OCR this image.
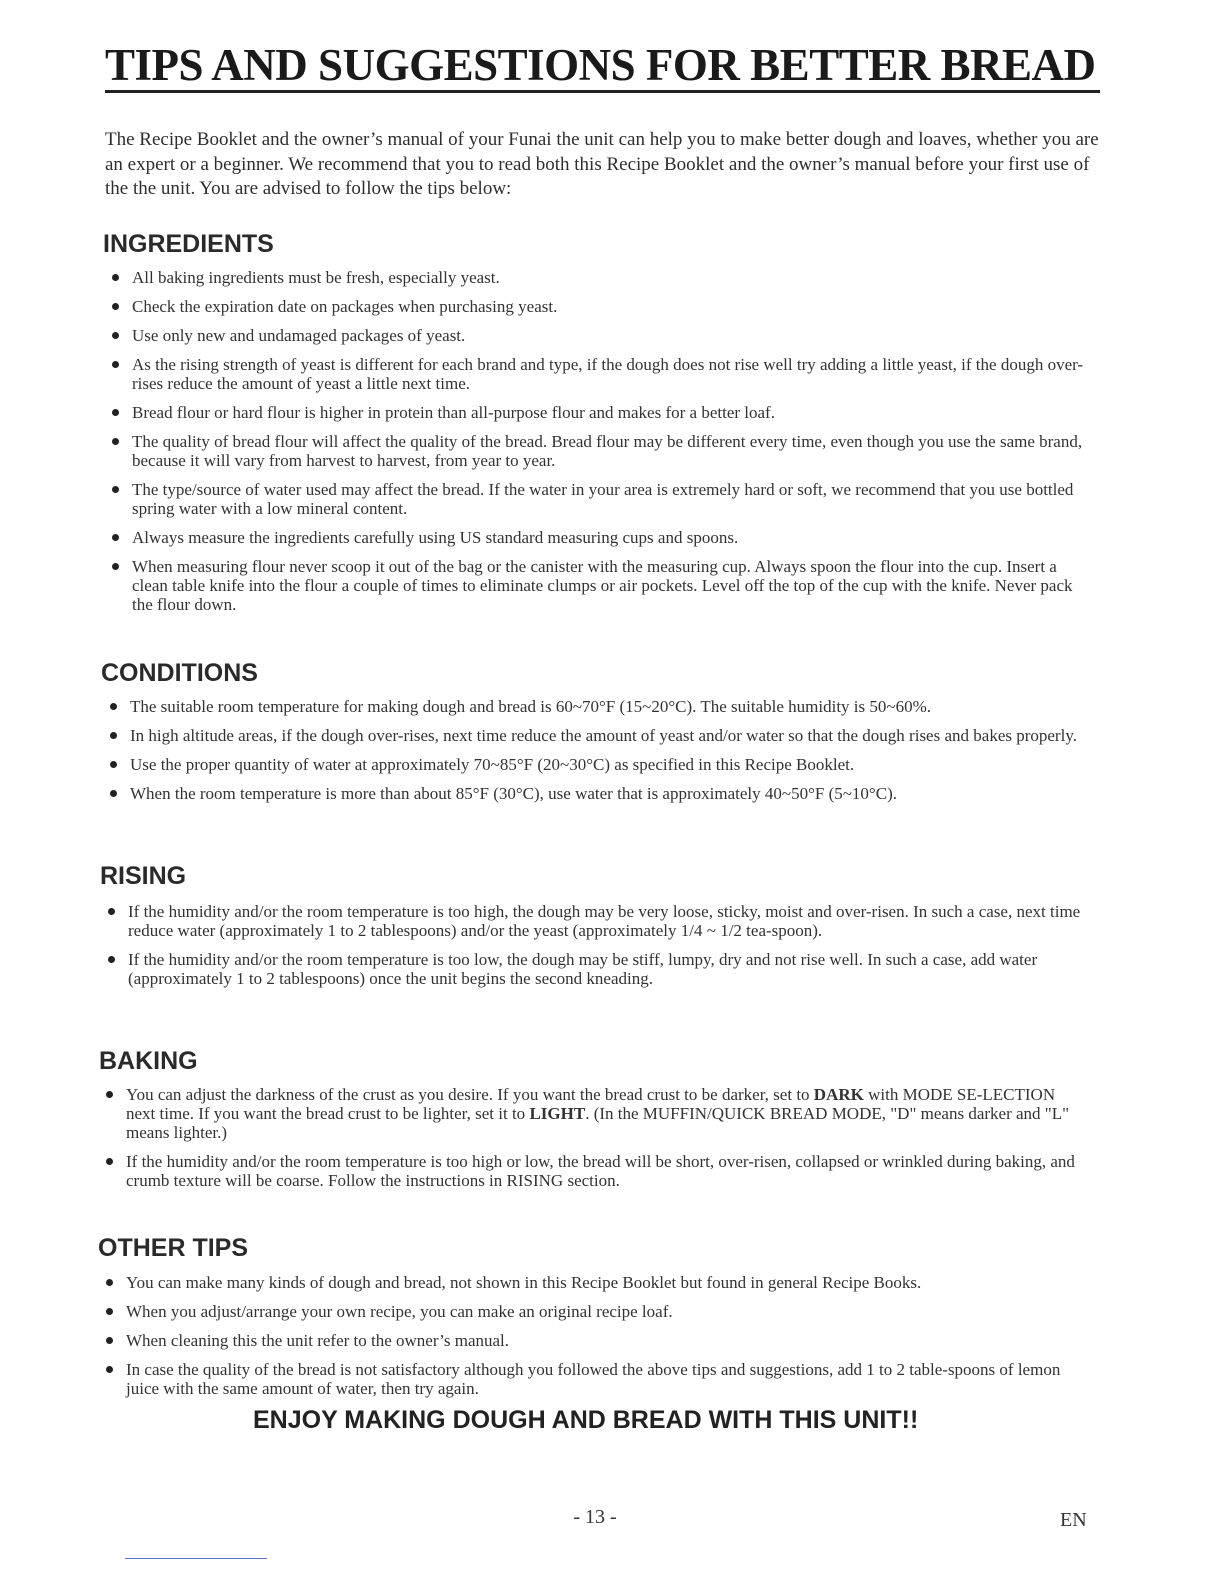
TIPS AND SUGGESTIONS FOR BETTER BREAD
The Recipe Booklet and the owner’s manual of your Funai the unit can help you to make better dough and loaves, whether you are an expert or a beginner. We recommend that you to read both this Recipe Booklet and the owner’s manual before your first use of the the unit. You are advised to follow the tips below:
INGREDIENTS
All baking ingredients must be fresh, especially yeast.
Check the expiration date on packages when purchasing yeast.
Use only new and undamaged packages of yeast.
As the rising strength of yeast is different for each brand and type, if the dough does not rise well try adding a little yeast, if the dough over-rises reduce the amount of yeast a little next time.
Bread flour or hard flour is higher in protein than all-purpose flour and makes for a better loaf.
The quality of bread flour will affect the quality of the bread. Bread flour may be different every time, even though you use the same brand, because it will vary from harvest to harvest, from year to year.
The type/source of water used may affect the bread. If the water in your area is extremely hard or soft, we recommend that you use bottled spring water with a low mineral content.
Always measure the ingredients carefully using US standard measuring cups and spoons.
When measuring flour never scoop it out of the bag or the canister with the measuring cup. Always spoon the flour into the cup. Insert a clean table knife into the flour a couple of times to eliminate clumps or air pockets. Level off the top of the cup with the knife. Never pack the flour down.
CONDITIONS
The suitable room temperature for making dough and bread is 60~70°F (15~20°C). The suitable humidity is 50~60%.
In high altitude areas, if the dough over-rises, next time reduce the amount of yeast and/or water so that the dough rises and bakes properly.
Use the proper quantity of water at approximately 70~85°F (20~30°C) as specified in this Recipe Booklet.
When the room temperature is more than about 85°F (30°C), use water that is approximately 40~50°F (5~10°C).
RISING
If the humidity and/or the room temperature is too high, the dough may be very loose, sticky, moist and over-risen. In such a case, next time reduce water (approximately 1 to 2 tablespoons) and/or the yeast (approximately 1/4 ~ 1/2 tea-spoon).
If the humidity and/or the room temperature is too low, the dough may be stiff, lumpy, dry and not rise well. In such a case, add water (approximately 1 to 2 tablespoons) once the unit begins the second kneading.
BAKING
You can adjust the darkness of the crust as you desire. If you want the bread crust to be darker, set to DARK with MODE SE-LECTION next time. If you want the bread crust to be lighter, set it to LIGHT. (In the MUFFIN/QUICK BREAD MODE, "D" means darker and "L" means lighter.)
If the humidity and/or the room temperature is too high or low, the bread will be short, over-risen, collapsed or wrinkled during baking, and crumb texture will be coarse. Follow the instructions in RISING section.
OTHER TIPS
You can make many kinds of dough and bread, not shown in this Recipe Booklet but found in general Recipe Books.
When you adjust/arrange your own recipe, you can make an original recipe loaf.
When cleaning this the unit refer to the owner’s manual.
In case the quality of the bread is not satisfactory although you followed the above tips and suggestions, add 1 to 2 table-spoons of lemon juice with the same amount of water, then try again.
ENJOY MAKING DOUGH AND BREAD WITH THIS UNIT!!
- 13 -	EN
